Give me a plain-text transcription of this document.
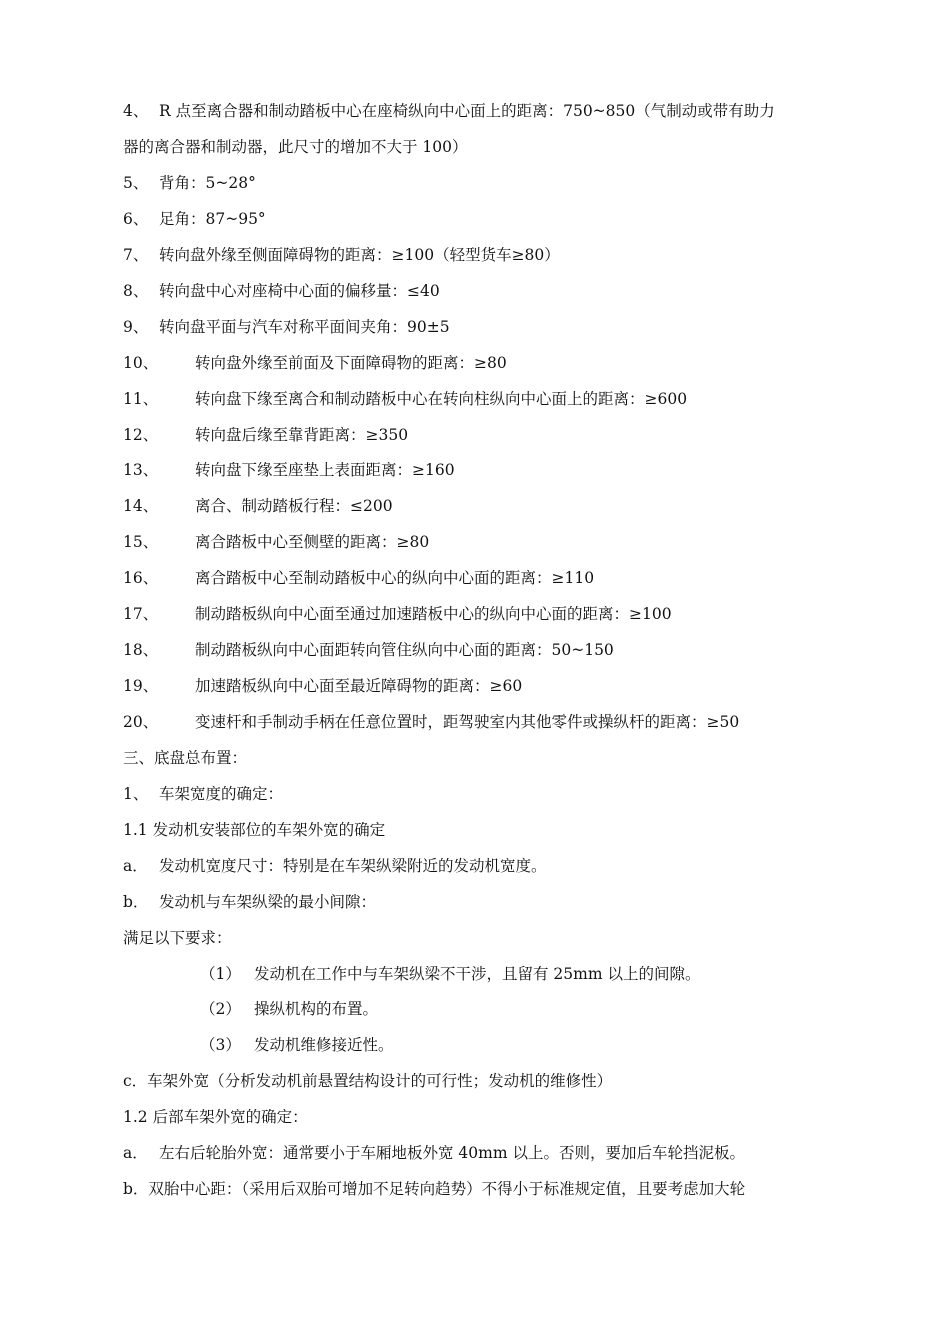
4、 R 点至离合器和制动踏板中心在座椅纵向中心面上的距离：750~850（气制动或带有助力
器的离合器和制动器，此尺寸的增加不大于 100）
5、 背角：5~28°
6、 足角：87~95°
7、 转向盘外缘至侧面障碍物的距离：≥100（轻型货车≥80）
8、 转向盘中心对座椅中心面的偏移量：≤40
9、 转向盘平面与汽车对称平面间夹角：90±5
10、 转向盘外缘至前面及下面障碍物的距离：≥80
11、 转向盘下缘至离合和制动踏板中心在转向柱纵向中心面上的距离：≥600
12、 转向盘后缘至靠背距离：≥350
13、 转向盘下缘至座垫上表面距离：≥160
14、 离合、制动踏板行程：≤200
15、 离合踏板中心至侧壁的距离：≥80
16、 离合踏板中心至制动踏板中心的纵向中心面的距离：≥110
17、 制动踏板纵向中心面至通过加速踏板中心的纵向中心面的距离：≥100
18、 制动踏板纵向中心面距转向管住纵向中心面的距离：50~150
19、 加速踏板纵向中心面至最近障碍物的距离：≥60
20、 变速杆和手制动手柄在任意位置时，距驾驶室内其他零件或操纵杆的距离：≥50
三、底盘总布置：
1、 车架宽度的确定：
1.1 发动机安装部位的车架外宽的确定
a． 发动机宽度尺寸：特别是在车架纵梁附近的发动机宽度。
b． 发动机与车架纵梁的最小间隙：
满足以下要求：
（1） 发动机在工作中与车架纵梁不干涉，且留有 25mm 以上的间隙。
（2） 操纵机构的布置。
（3） 发动机维修接近性。
c．车架外宽（分析发动机前悬置结构设计的可行性；发动机的维修性）
1.2 后部车架外宽的确定：
a． 左右后轮胎外宽：通常要小于车厢地板外宽 40mm 以上。否则，要加后车轮挡泥板。
b．双胎中心距：（采用后双胎可增加不足转向趋势）不得小于标准规定值，且要考虑加大轮
